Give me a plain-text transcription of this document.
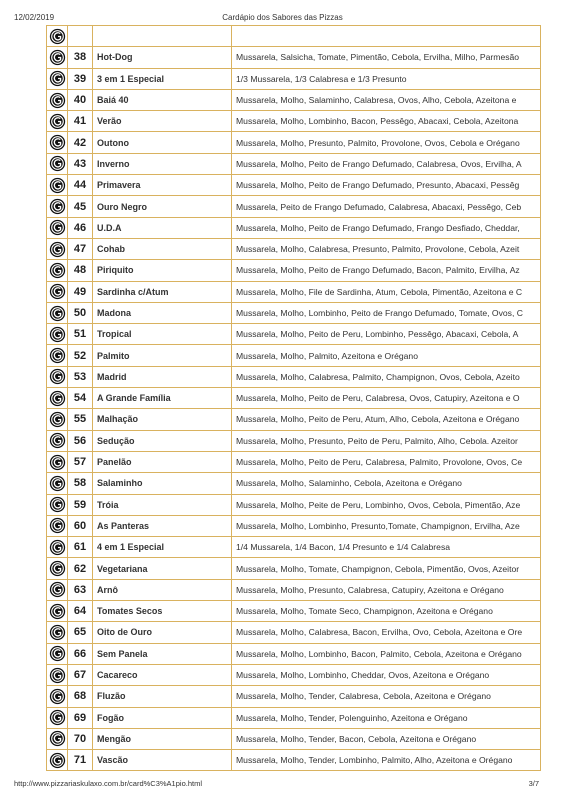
12/02/2019	Cardápio dos Sabores das Pizzas

	38	Hot-Dog	Mussarela, Salsicha, Tomate, Pimentão, Cebola, Ervilha, Milho, Parmesão

	39	3 em 1 Especial	1/3 Mussarela, 1/3 Calabresa e 1/3 Presunto

	40	Baiá 40	Mussarela, Molho, Salaminho, Calabresa, Ovos, Alho, Cebola, Azeitona e

	41	Verão	Mussarela, Molho, Lombinho, Bacon, Pessêgo, Abacaxi, Cebola, Azeitona

	42	Outono	Mussarela, Molho, Presunto, Palmito, Provolone, Ovos, Cebola e Orégano

	43	Inverno	Mussarela, Molho, Peito de Frango Defumado, Calabresa, Ovos, Ervilha, A

	44	Primavera	Mussarela, Molho, Peito de Frango Defumado, Presunto, Abacaxi, Pessêg

	45	Ouro Negro	Mussarela, Peito de Frango Defumado, Calabresa, Abacaxi, Pessêgo, Ceb

	46	U.D.A	Mussarela, Molho, Peito de Frango Defumado, Frango Desfiado, Cheddar,

	47	Cohab	Mussarela, Molho, Calabresa, Presunto, Palmito, Provolone, Cebola, Azeit

	48	Piriquito	Mussarela, Molho, Peito de Frango Defumado, Bacon, Palmito, Ervilha, Az

	49	Sardinha c/Atum	Mussarela, Molho, File de Sardinha, Atum, Cebola, Pimentão, Azeitona e C

	50	Madona	Mussarela, Molho, Lombinho, Peito de Frango Defumado, Tomate, Ovos, C

	51	Tropical	Mussarela, Molho, Peito de Peru, Lombinho, Pessêgo, Abacaxi, Cebola, A

	52	Palmito	Mussarela, Molho, Palmito, Azeitona e Orégano

	53	Madrid	Mussarela, Molho, Calabresa, Palmito, Champignon, Ovos, Cebola, Azeito

	54	A Grande Família	Mussarela, Molho, Peito de Peru, Calabresa, Ovos, Catupiry, Azeitona e O

	55	Malhação	Mussarela, Molho, Peito de Peru, Atum, Alho, Cebola, Azeitona e Orégano

	56	Sedução	Mussarela, Molho, Presunto, Peito de Peru, Palmito, Alho, Cebola. Azeitor

	57	Panelão	Mussarela, Molho, Peito de Peru, Calabresa, Palmito, Provolone, Ovos, Ce

	58	Salaminho	Mussarela, Molho, Salaminho, Cebola, Azeitona e Orégano

	59	Tróia	Mussarela, Molho, Peite de Peru, Lombinho, Ovos, Cebola, Pimentão, Aze

	60	As Panteras	Mussarela, Molho, Lombinho, Presunto,Tomate, Champignon, Ervilha, Aze

	61	4 em 1 Especial	1/4 Mussarela, 1/4 Bacon, 1/4 Presunto e 1/4 Calabresa

	62	Vegetariana	Mussarela, Molho, Tomate, Champignon, Cebola, Pimentão, Ovos, Azeitor

	63	Arnô	Mussarela, Molho, Presunto, Calabresa, Catupiry, Azeitona e Orégano

	64	Tomates Secos	Mussarela, Molho, Tomate Seco, Champignon, Azeitona e Orégano

	65	Oito de Ouro	Mussarela, Molho, Calabresa, Bacon, Ervilha, Ovo, Cebola, Azeitona e Ore

	66	Sem Panela	Mussarela, Molho, Lombinho, Bacon, Palmito, Cebola, Azeitona e Orégano

	67	Cacareco	Mussarela, Molho, Lombinho, Cheddar, Ovos, Azeitona e Orégano

	68	Fluzão	Mussarela, Molho, Tender, Calabresa, Cebola, Azeitona e Orégano

	69	Fogão	Mussarela, Molho, Tender, Polenguinho, Azeitona e Orégano

	70	Mengão	Mussarela, Molho, Tender, Bacon, Cebola, Azeitona e Orégano

	71	Vascão	Mussarela, Molho, Tender, Lombinho, Palmito, Alho, Azeitona e Orégano
http://www.pizzariaskulaxo.com.br/card%C3%A1pio.html	3/7
